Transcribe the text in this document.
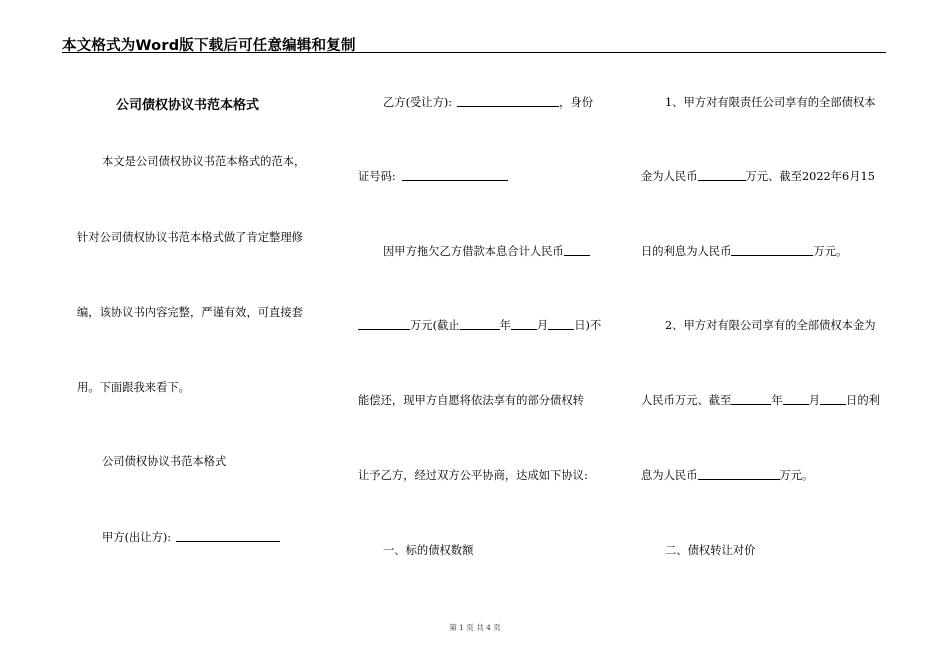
本文格式为Word版下载后可任意编辑和复制
公司债权协议书范本格式
本文是公司债权协议书范本格式的范本，
针对公司债权协议书范本格式做了肯定整理修
编，该协议书内容完整，严谨有效，可直接套
用。下面跟我来看下。
公司债权协议书范本格式
甲方(出让方):
乙方(受让方):	，身份
证号码:
因甲方拖欠乙方借款本息合计人民币
万元(截止	年 月 日)不
能偿还，现甲方自愿将依法享有的部分债权转
让予乙方，经过双方公平协商，达成如下协议:
一、标的债权数额
1、甲方对有限责任公司享有的全部债权本
金为人民币	万元、截至2022年6月15
日的利息为人民币	万元。
2、甲方对有限公司享有的全部债权本金为
人民币万元、截至	年 月 日的利
息为人民币	万元。
二、债权转让对价
第 1 页 共 4 页
